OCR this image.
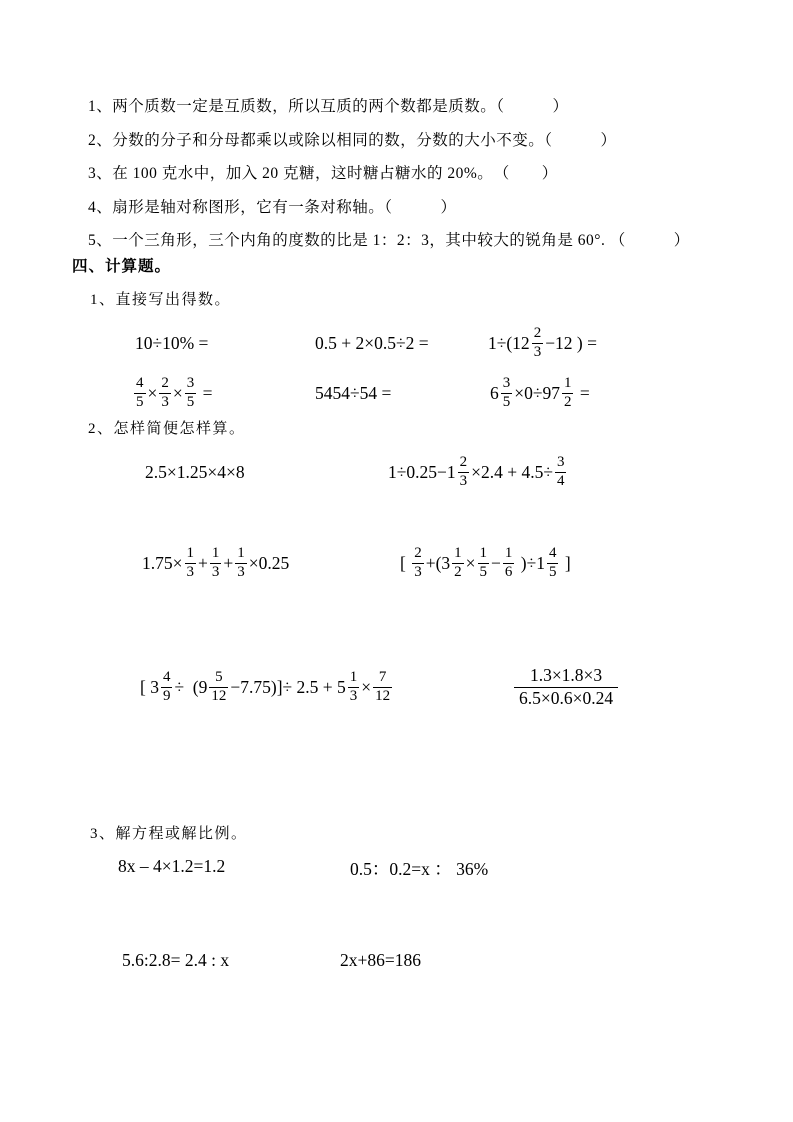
1、两个质数一定是互质数，所以互质的两个数都是质数。（　　　）
2、分数的分子和分母都乘以或除以相同的数，分数的大小不变。（　　　）
3、在 100 克水中，加入 20 克糖，这时糖占糖水的 20%。　（　　）
4、扇形是轴对称图形，它有一条对称轴。（　　　）
5、一个三角形，三个内角的度数的比是 1：2：3，其中较大的锐角是 60°. （　　　）
四、计算题。
1、直接写出得数。
10÷10% =	0.5 + 2×0.5÷2 =	$1\div(12 \frac{2}{3} -12$ ) =
$\frac{4}{5} \times \frac{2}{3} \times \frac{3}{5}$ =	5454÷54 =	$6 \frac{3}{5} \times 0\div 97 \frac{1}{2}$ =
2、怎样简便怎样算。
2.5×1.25×4×8	$1\div 0.25-1 \frac{2}{3} \times 2.4 + 4.5\div \frac{3}{4}$
$1.75\times \frac{1}{3} + \frac{1}{3} + \frac{1}{3} \times 0.25$	[ $\frac{2}{3} +(3 \frac{1}{2} \times \frac{1}{5} - \frac{1}{6} )\div 1 \frac{4}{5}$ ]
[ $3 \frac{4}{9} \div (9 \frac{5}{12} -7.75)]\div 2.5 + 5 \frac{1}{3} \times \frac{7}{12}$	$\frac{1.3\times 1.8\times 3}{6.5\times 0.6\times 0.24}$
3、解方程或解比例。
8x – 4×1.2=1.2	0.5：0.2=x ： 36%
5.6:2.8= 2.4 : x	2x+86=186
